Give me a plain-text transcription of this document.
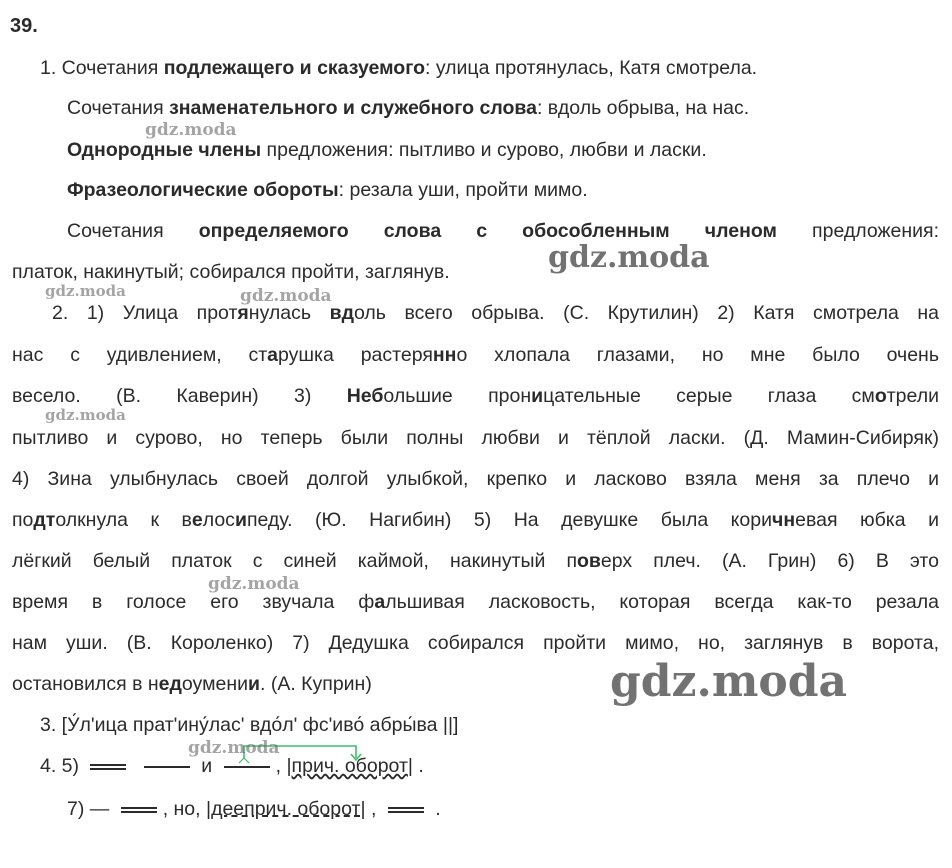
39.
1. Сочетания подлежащего и сказуемого: улица протянулась, Катя смотрела.
Сочетания знаменательного и служебного слова: вдоль обрыва, на нас.
Однородные члены предложения: пытливо и сурово, любви и ласки.
Фразеологические обороты: резала уши, пройти мимо.
Сочетания определяемого слова с обособленным членом предложения:
платок, накинутый; собирался пройти, заглянув.
2. 1) Улица протянулась вдоль всего обрыва. (С. Крутилин) 2) Катя смотрела на
нас с удивлением, старушка растерянно хлопала глазами, но мне было очень
весело. (В. Каверин) 3) Небольшие проницательные серые глаза смотрели
пытливо и сурово, но теперь были полны любви и тёплой ласки. (Д. Мамин-Сибиряк)
4) Зина улыбнулась своей долгой улыбкой, крепко и ласково взяла меня за плечо и
подтолкнула к велосипеду. (Ю. Нагибин) 5) На девушке была коричневая юбка и
лёгкий белый платок с синей каймой, накинутый поверх плеч. (А. Грин) 6) В это
время в голосе его звучала фальшивая ласковость, которая всегда как-то резала
нам уши. (В. Короленко) 7) Дедушка собирался пройти мимо, но, заглянув в ворота,
остановился в недоумении. (А. Куприн)
3. [У́л'ица прат'ину́лас' вдо́л' фс'иво́ абры́ва ||]
4. 5)	и	, |прич. оборот| .
7) —	, но, |дееприч. оборот| ,	.
gdz.moda
gdz.moda
gdz.moda	gdz.moda
gdz.moda
gdz.moda
gdz.moda
gdz.moda
